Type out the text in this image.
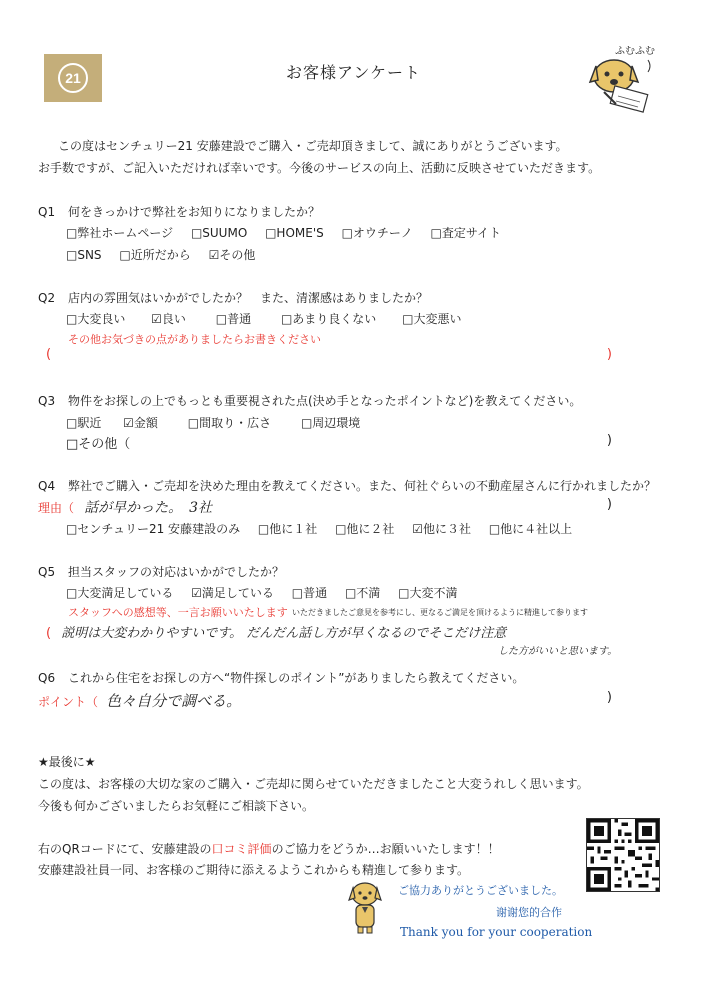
21	お客様アンケート
ふむふむ
この度はセンチュリー21 安藤建設でご購入・ご売却頂きまして、誠にありがとうございます。
お手数ですが、ご記入いただければ幸いです。今後のサービスの向上、活動に反映させていただきます。
Q1 何をきっかけで弊社をお知りになりましたか？
□弊社ホームページ □SUUMO □HOME'S □オウチーノ □査定サイト
□SNS □近所だから ☑その他
Q2 店内の雰囲気はいかがでしたか？　また、清潔感はありましたか？
□大変良い ☑良い □普通 □あまり良くない □大変悪い
その他お気づきの点がありましたらお書きください
(	)
Q3 物件をお探しの上でもっとも重要視された点(決め手となったポイントなど)を教えてください。
□駅近 ☑金額 □間取り・広さ □周辺環境
□その他（	)
Q4 弊社でご購入・ご売却を決めた理由を教えてください。また、何社ぐらいの不動産屋さんに行かれましたか？
理由（ 話が早かった。　3社	)
□センチュリー21 安藤建設のみ □他に１社 □他に２社 ☑他に３社 □他に４社以上
Q5 担当スタッフの対応はいかがでしたか？
□大変満足している ☑満足している □普通 □不満 □大変不満
スタッフへの感想等、一言お願いいたします いただきましたご意見を参考にし、更なるご満足を頂けるように精進して参ります
( 説明は大変わかりやすいです。 だんだん話し方が早くなるのでそこだけ注意
した方がいいと思います。
Q6 これから住宅をお探しの方へ“物件探しのポイント”がありましたら教えてください。
ポイント（ 色々自分で調べる。	)
★最後に★
この度は、お客様の大切な家のご購入・ご売却に関らせていただきましたこと大変うれしく思います。
今後も何かございましたらお気軽にご相談下さい。
右のQRコードにて、安藤建設の口コミ評価のご協力をどうか…お願いいたします！！
安藤建設社員一同、お客様のご期待に添えるようこれからも精進して参ります。
ご協力ありがとうございました。
谢谢您的合作
Thank you for your cooperation
